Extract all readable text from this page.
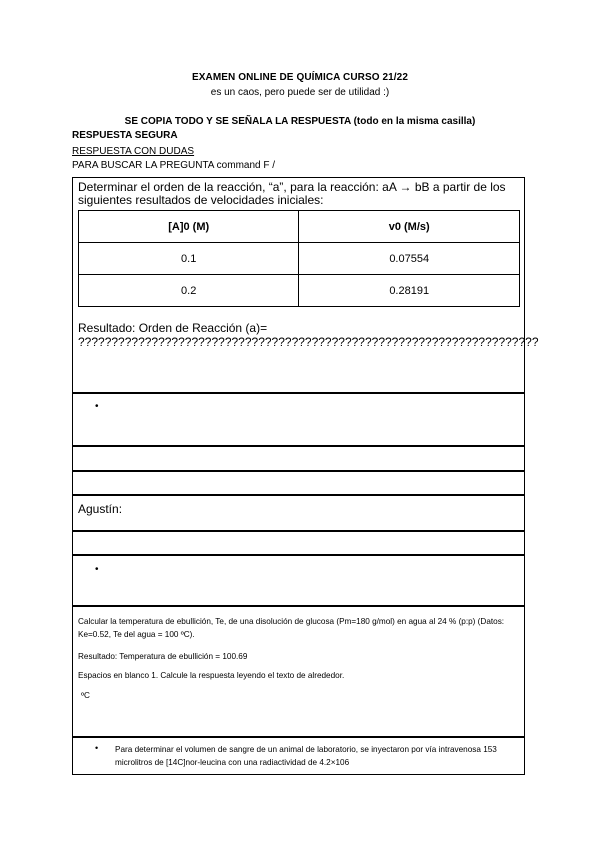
EXAMEN ONLINE DE QUÍMICA CURSO 21/22
es un caos, pero puede ser de utilidad :)
SE COPIA TODO Y SE SEÑALA LA RESPUESTA (todo en la misma casilla)
RESPUESTA SEGURA
RESPUESTA CON DUDAS
PARA BUSCAR LA PREGUNTA command F /
Determinar el orden de la reacción, “a”, para la reacción: aA → bB a partir de los siguientes resultados de velocidades iniciales:
[A]0 (M)	v0 (M/s)
0.1	0.07554
0.2	0.28191
Resultado: Orden de Reacción (a)= ?????????????????????????????????????????????????????????????????????
•
Agustín:
•
Calcular la temperatura de ebullición, Te, de una disolución de glucosa (Pm=180 g/mol) en agua al 24 % (p:p) (Datos: Ke=0.52, Te del agua = 100 ºC).
Resultado: Temperatura de ebullición = 100.69
Espacios en blanco 1. Calcule la respuesta leyendo el texto de alrededor.
ºC
• Para determinar el volumen de sangre de un animal de laboratorio, se inyectaron por vía intravenosa 153 microlitros de [14C]nor-leucina con una radiactividad de 4.2×106
